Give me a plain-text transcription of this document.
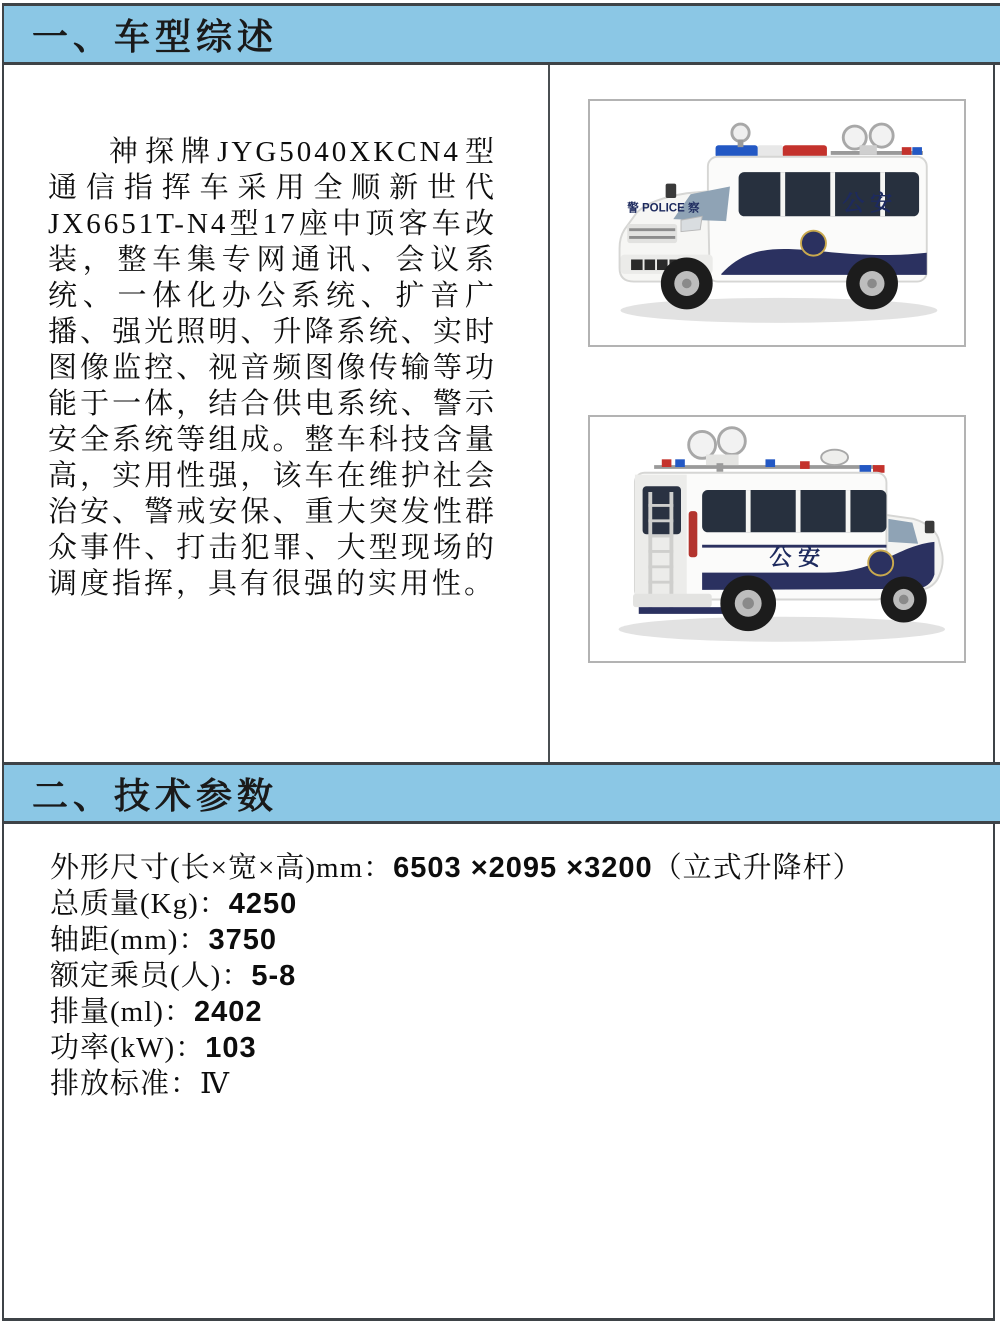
一、车型综述

神探牌JYG5040XKCN4型通信指挥车采用全顺新世代JX6651T-N4型17座中顶客车改装，整车集专网通讯、会议系统、一体化办公系统、扩音广播、强光照明、升降系统、实时图像监控、视音频图像传输等功能于一体，结合供电系统、警示安全系统等组成。整车科技含量高，实用性强，该车在维护社会治安、警戒安保、重大突发性群众事件、打击犯罪、大型现场的调度指挥，具有很强的实用性。

公安
警 POLICE 察
公安
二、技术参数
外形尺寸(长×宽×高)mm：6503 ×2095 ×3200（立式升降杆）
总质量(Kg)：4250
轴距(mm)：3750
额定乘员(人)：5-8
排量(ml)：2402
功率(kW)：103
排放标准：Ⅳ
